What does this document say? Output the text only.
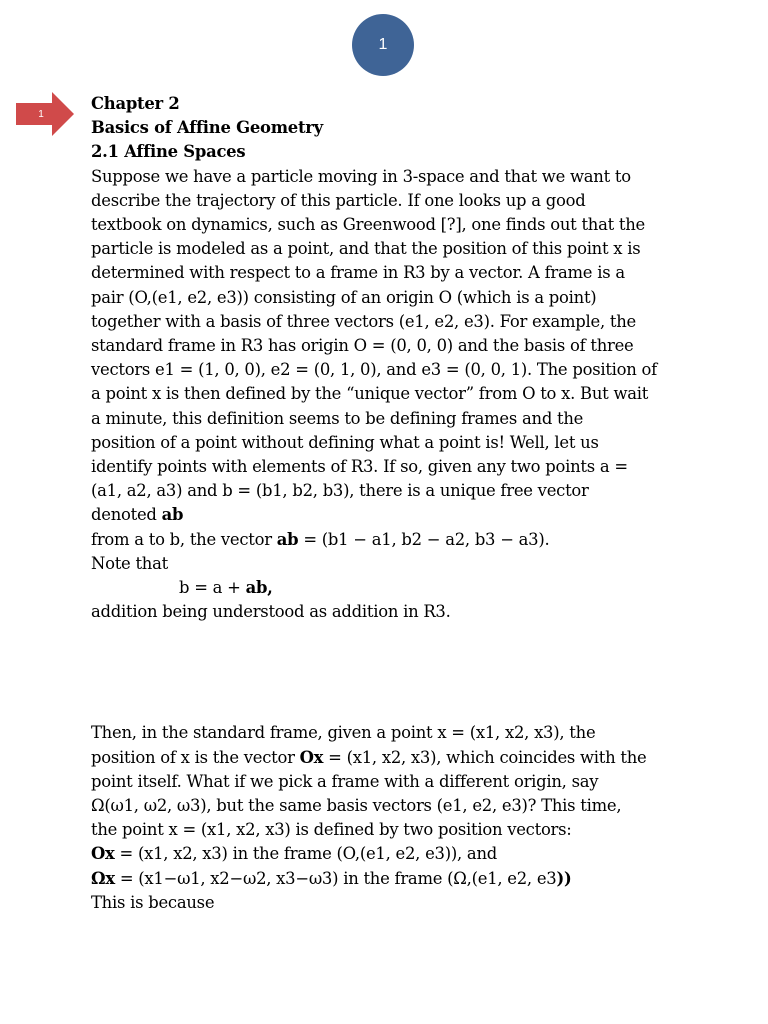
1
1

Chapter 2

Basics of Affine Geometry

2.1 Affine Spaces

Suppose we have a particle moving in 3-space and that we want to

describe the trajectory of this particle. If one looks up a good

textbook on dynamics, such as Greenwood [?], one finds out that the

particle is modeled as a point, and that the position of this point x is

determined with respect to a frame in R3 by a vector. A frame is a

pair (O,(e1, e2, e3)) consisting of an origin O (which is a point)

together with a basis of three vectors (e1, e2, e3). For example, the

standard frame in R3 has origin O = (0, 0, 0) and the basis of three

vectors e1 = (1, 0, 0), e2 = (0, 1, 0), and e3 = (0, 0, 1). The position of

a point x is then defined by the “unique vector” from O to x. But wait

a minute, this definition seems to be defining frames and the

position of a point without defining what a point is! Well, let us

identify points with elements of R3. If so, given any two points a =

(a1, a2, a3) and b = (b1, b2, b3), there is a unique free vector

denoted ab

from a to b, the vector ab = (b1 − a1, b2 − a2, b3 − a3).

Note that

b = a + ab,

addition being understood as addition in R3.

Then, in the standard frame, given a point x = (x1, x2, x3), the

position of x is the vector Ox = (x1, x2, x3), which coincides with the

point itself. What if we pick a frame with a different origin, say

Ω(ω1, ω2, ω3), but the same basis vectors (e1, e2, e3)? This time,

the point x = (x1, x2, x3) is defined by two position vectors:

Ox = (x1, x2, x3) in the frame (O,(e1, e2, e3)), and

Ωx = (x1−ω1, x2−ω2, x3−ω3) in the frame (Ω,(e1, e2, e3))

This is because
